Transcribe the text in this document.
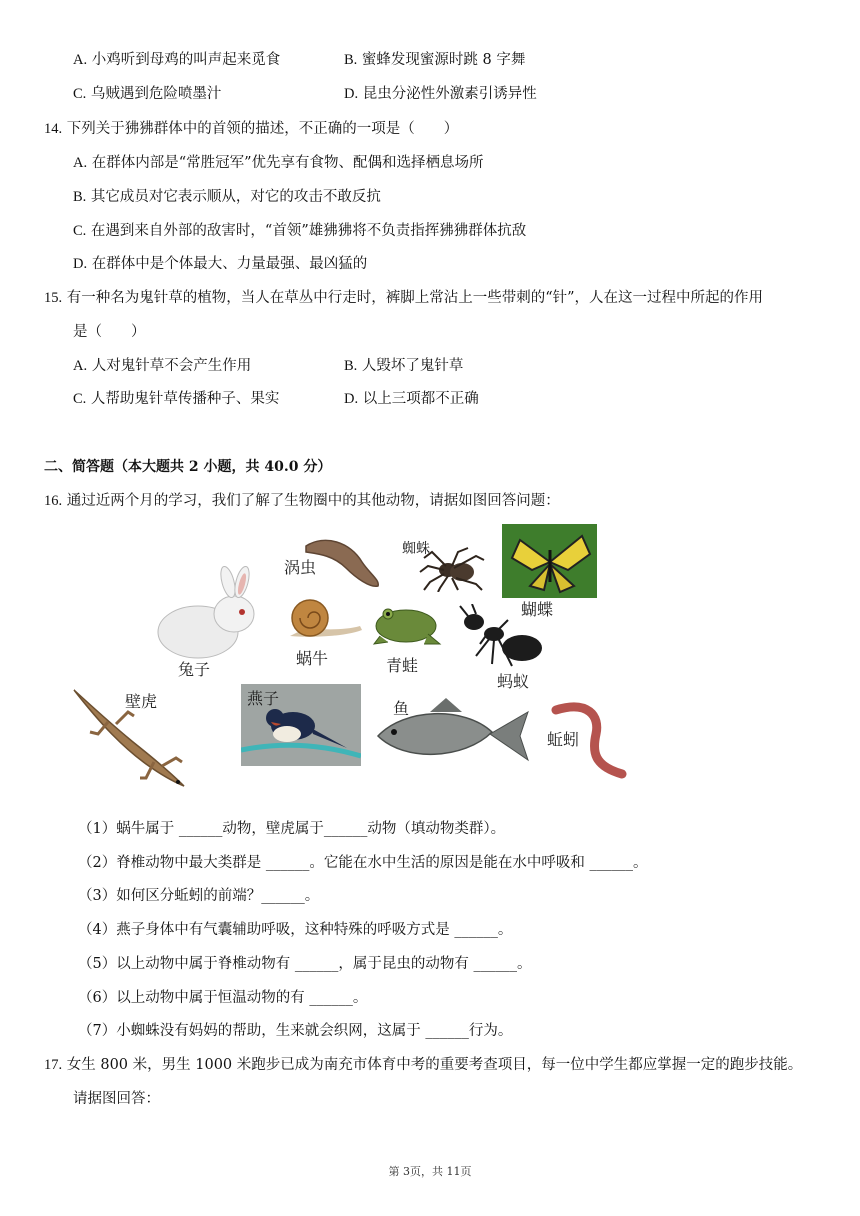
A. 小鸡听到母鸡的叫声起来觅食	B. 蜜蜂发现蜜源时跳 8 字舞
C. 乌贼遇到危险喷墨汁	D. 昆虫分泌性外激素引诱异性
14. 下列关于狒狒群体中的首领的描述，不正确的一项是（　　）
A. 在群体内部是“常胜冠军”优先享有食物、配偶和选择栖息场所
B. 其它成员对它表示顺从，对它的攻击不敢反抗
C. 在遇到来自外部的敌害时，“首领”雄狒狒将不负责指挥狒狒群体抗敌
D. 在群体中是个体最大、力量最强、最凶猛的
15. 有一种名为鬼针草的植物，当人在草丛中行走时，裤脚上常沾上一些带刺的“针”，人在这一过程中所起的作用
是（　　）
A. 人对鬼针草不会产生作用	B. 人毁坏了鬼针草
C. 人帮助鬼针草传播种子、果实	D. 以上三项都不正确
二、简答题（本大题共 2 小题，共 40.0 分）
16. 通过近两个月的学习，我们了解了生物圈中的其他动物，请据如图回答问题：
涡虫
蜘蛛
蝴蝶
兔子
蜗牛	青蛙
蚂蚁
壁虎	燕子
鱼
蚯蚓
（1）蜗牛属于 ______动物，壁虎属于______动物（填动物类群）。
（2）脊椎动物中最大类群是 ______。它能在水中生活的原因是能在水中呼吸和 ______。
（3）如何区分蚯蚓的前端？______。
（4）燕子身体中有气囊辅助呼吸，这种特殊的呼吸方式是 ______。
（5）以上动物中属于脊椎动物有 ______，属于昆虫的动物有 ______。
（6）以上动物中属于恒温动物的有 ______。
（7）小蜘蛛没有妈妈的帮助，生来就会织网，这属于 ______行为。
17. 女生 800 米，男生 1000 米跑步已成为南充市体育中考的重要考查项目，每一位中学生都应掌握一定的跑步技能。
请据图回答：
第 3页，共 11页
